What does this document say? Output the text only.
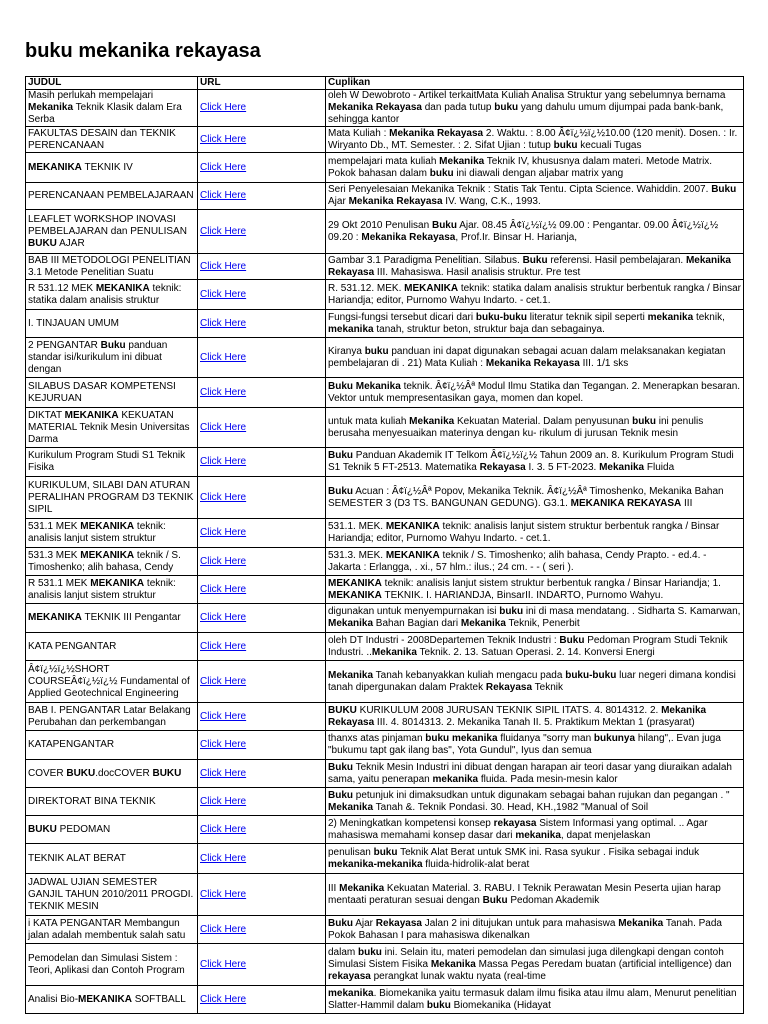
buku mekanika rekayasa
JUDUL	URL	Cuplikan
Masih perlukah mempelajari Mekanika Teknik Klasik dalam Era Serba	Click Here	oleh W Dewobroto - Artikel terkaitMata Kuliah Analisa Struktur yang sebelumnya bernama Mekanika Rekayasa dan pada tutup buku yang dahulu umum dijumpai pada bank-bank, sehingga kantor
FAKULTAS DESAIN dan TEKNIK PERENCANAAN	Click Here	Mata Kuliah : Mekanika Rekayasa 2. Waktu. : 8.00 Â¢ï¿½ï¿½10.00 (120 menit). Dosen. : Ir. Wiryanto Db., MT. Semester. : 2. Sifat Ujian : tutup buku kecuali Tugas
MEKANIKA TEKNIK IV	Click Here	mempelajari mata kuliah Mekanika Teknik IV, khususnya dalam materi. Metode Matrix. Pokok bahasan dalam buku ini diawali dengan aljabar matrix yang
PERENCANAAN PEMBELAJARAAN	Click Here	Seri Penyelesaian Mekanika Teknik : Statis Tak Tentu. Cipta Science. Wahiddin. 2007. Buku Ajar Mekanika Rekayasa IV. Wang, C.K., 1993.
LEAFLET WORKSHOP INOVASI PEMBELAJARAN dan PENULISAN BUKU AJAR	Click Here	29 Okt 2010 Penulisan Buku Ajar. 08.45 Â¢ï¿½ï¿½ 09.00 : Pengantar. 09.00 Â¢ï¿½ï¿½ 09.20 : Mekanika Rekayasa, Prof.Ir. Binsar H. Harianja,
BAB III METODOLOGI PENELITIAN 3.1 Metode Penelitian Suatu	Click Here	Gambar 3.1 Paradigma Penelitian. Silabus. Buku referensi. Hasil pembelajaran. Mekanika Rekayasa III. Mahasiswa. Hasil analisis struktur. Pre test
R 531.12 MEK MEKANIKA teknik: statika dalam analisis struktur	Click Here	R. 531.12. MEK. MEKANIKA teknik: statika dalam analisis struktur berbentuk rangka / Binsar Hariandja; editor, Purnomo Wahyu Indarto. - cet.1.
I. TINJAUAN UMUM	Click Here	Fungsi-fungsi tersebut dicari dari buku-buku literatur teknik sipil seperti mekanika teknik, mekanika tanah, struktur beton, struktur baja dan sebagainya.
2 PENGANTAR Buku panduan standar isi/kurikulum ini dibuat dengan	Click Here	Kiranya buku panduan ini dapat digunakan sebagai acuan dalam melaksanakan kegiatan pembelajaran di . 21) Mata Kuliah : Mekanika Rekayasa III. 1/1 sks
SILABUS DASAR KOMPETENSI KEJURUAN	Click Here	Buku Mekanika teknik. Â¢ï¿½Âª Modul Ilmu Statika dan Tegangan. 2. Menerapkan besaran. Vektor untuk mempresentasikan gaya, momen dan kopel.
DIKTAT MEKANIKA KEKUATAN MATERIAL Teknik Mesin Universitas Darma	Click Here	untuk mata kuliah Mekanika Kekuatan Material. Dalam penyusunan buku ini penulis berusaha menyesuaikan materinya dengan ku- rikulum di jurusan Teknik mesin
Kurikulum Program Studi S1 Teknik Fisika	Click Here	Buku Panduan Akademik IT Telkom Â¢ï¿½ï¿½ Tahun 2009 an. 8. Kurikulum Program Studi S1 Teknik 5 FT-2513. Matematika Rekayasa I. 3. 5 FT-2023. Mekanika Fluida
KURIKULUM, SILABI DAN ATURAN PERALIHAN PROGRAM D3 TEKNIK SIPIL	Click Here	Buku Acuan : Â¢ï¿½Âª Popov, Mekanika Teknik. Â¢ï¿½Âª Timoshenko, Mekanika Bahan SEMESTER 3 (D3 TS. BANGUNAN GEDUNG). G3.1. MEKANIKA REKAYASA III
531.1 MEK MEKANIKA teknik: analisis lanjut sistem struktur	Click Here	531.1. MEK. MEKANIKA teknik: analisis lanjut sistem struktur berbentuk rangka / Binsar Hariandja; editor, Purnomo Wahyu Indarto. - cet.1.
531.3 MEK MEKANIKA teknik / S. Timoshenko; alih bahasa, Cendy	Click Here	531.3. MEK. MEKANIKA teknik / S. Timoshenko; alih bahasa, Cendy Prapto. - ed.4. - Jakarta : Erlangga, . xi., 57 hlm.: ilus.; 24 cm. - - ( seri ).
R 531.1 MEK MEKANIKA teknik: analisis lanjut sistem struktur	Click Here	MEKANIKA teknik: analisis lanjut sistem struktur berbentuk rangka / Binsar Hariandja; 1. MEKANIKA TEKNIK. I. HARIANDJA, BinsarII. INDARTO, Purnomo Wahyu.
MEKANIKA TEKNIK III Pengantar	Click Here	digunakan untuk menyempurnakan isi buku ini di masa mendatang. . Sidharta S. Kamarwan, Mekanika Bahan Bagian dari Mekanika Teknik, Penerbit
KATA PENGANTAR	Click Here	oleh DT Industri - 2008Departemen Teknik Industri : Buku Pedoman Program Studi Teknik Industri. ..Mekanika Teknik. 2. 13. Satuan Operasi. 2. 14. Konversi Energi
Â¢ï¿½ï¿½SHORT COURSEÂ¢ï¿½ï¿½ Fundamental of Applied Geotechnical Engineering	Click Here	Mekanika Tanah kebanyakkan kuliah mengacu pada buku-buku luar negeri dimana kondisi tanah dipergunakan dalam Praktek Rekayasa Teknik
BAB I. PENGANTAR Latar Belakang Perubahan dan perkembangan	Click Here	BUKU KURIKULUM 2008 JURUSAN TEKNIK SIPIL ITATS. 4. 8014312. 2. Mekanika Rekayasa III. 4. 8014313. 2. Mekanika Tanah II. 5. Praktikum Mektan 1 (prasyarat)
KATAPENGANTAR	Click Here	thanxs atas pinjaman buku mekanika fluidanya "sorry man bukunya hilang",. Evan juga "bukumu tapt gak ilang bas", Yota Gundul", Iyus dan semua
COVER BUKU.docCOVER BUKU	Click Here	Buku Teknik Mesin Industri ini dibuat dengan harapan air teori dasar yang diuraikan adalah sama, yaitu penerapan mekanika fluida. Pada mesin-mesin kalor
DIREKTORAT BINA TEKNIK	Click Here	Buku petunjuk ini dimaksudkan untuk digunakam sebagai bahan rujukan dan pegangan . " Mekanika Tanah &. Teknik Pondasi. 30. Head, KH.,1982 "Manual of Soil
BUKU PEDOMAN	Click Here	2) Meningkatkan kompetensi konsep rekayasa Sistem Informasi yang optimal. .. Agar mahasiswa memahami konsep dasar dari mekanika, dapat menjelaskan
TEKNIK ALAT BERAT	Click Here	penulisan buku Teknik Alat Berat untuk SMK ini. Rasa syukur . Fisika sebagai induk mekanika-mekanika fluida-hidrolik-alat berat
JADWAL UJIAN SEMESTER GANJIL TAHUN 2010/2011 PROGDI. TEKNIK MESIN	Click Here	III Mekanika Kekuatan Material. 3. RABU. I Teknik Perawatan Mesin Peserta ujian harap mentaati peraturan sesuai dengan Buku Pedoman Akademik
i KATA PENGANTAR Membangun jalan adalah membentuk salah satu	Click Here	Buku Ajar Rekayasa Jalan 2 ini ditujukan untuk para mahasiswa Mekanika Tanah. Pada Pokok Bahasan I para mahasiswa dikenalkan
Pemodelan dan Simulasi Sistem : Teori, Aplikasi dan Contoh Program	Click Here	dalam buku ini. Selain itu, materi pemodelan dan simulasi juga dilengkapi dengan contoh Simulasi Sistem Fisika Mekanika Massa Pegas Peredam buatan (artificial intelligence) dan rekayasa perangkat lunak waktu nyata (real-time
Analisi Bio-MEKANIKA SOFTBALL	Click Here	mekanika. Biomekanika yaitu termasuk dalam ilmu fisika atau ilmu alam, Menurut penelitian Slatter-Hammil dalam buku Biomekanika (Hidayat
